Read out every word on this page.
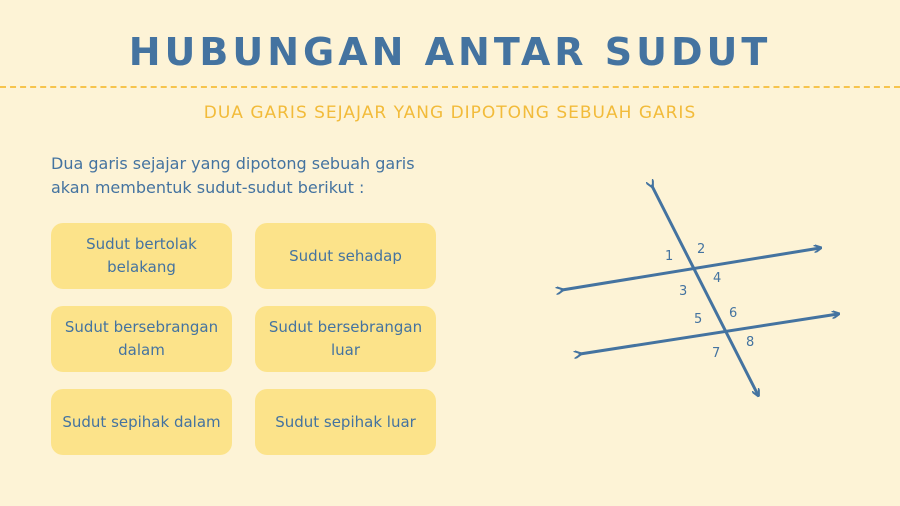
HUBUNGAN ANTAR SUDUT
DUA GARIS SEJAJAR YANG DIPOTONG SEBUAH GARIS
Dua garis sejajar yang dipotong sebuah garis
akan membentuk sudut-sudut berikut :
Sudut bertolak belakang
Sudut sehadap
Sudut bersebrangan dalam
Sudut bersebrangan luar
Sudut sepihak dalam	Sudut sepihak luar
1 2
3
4
5 6
7
8
